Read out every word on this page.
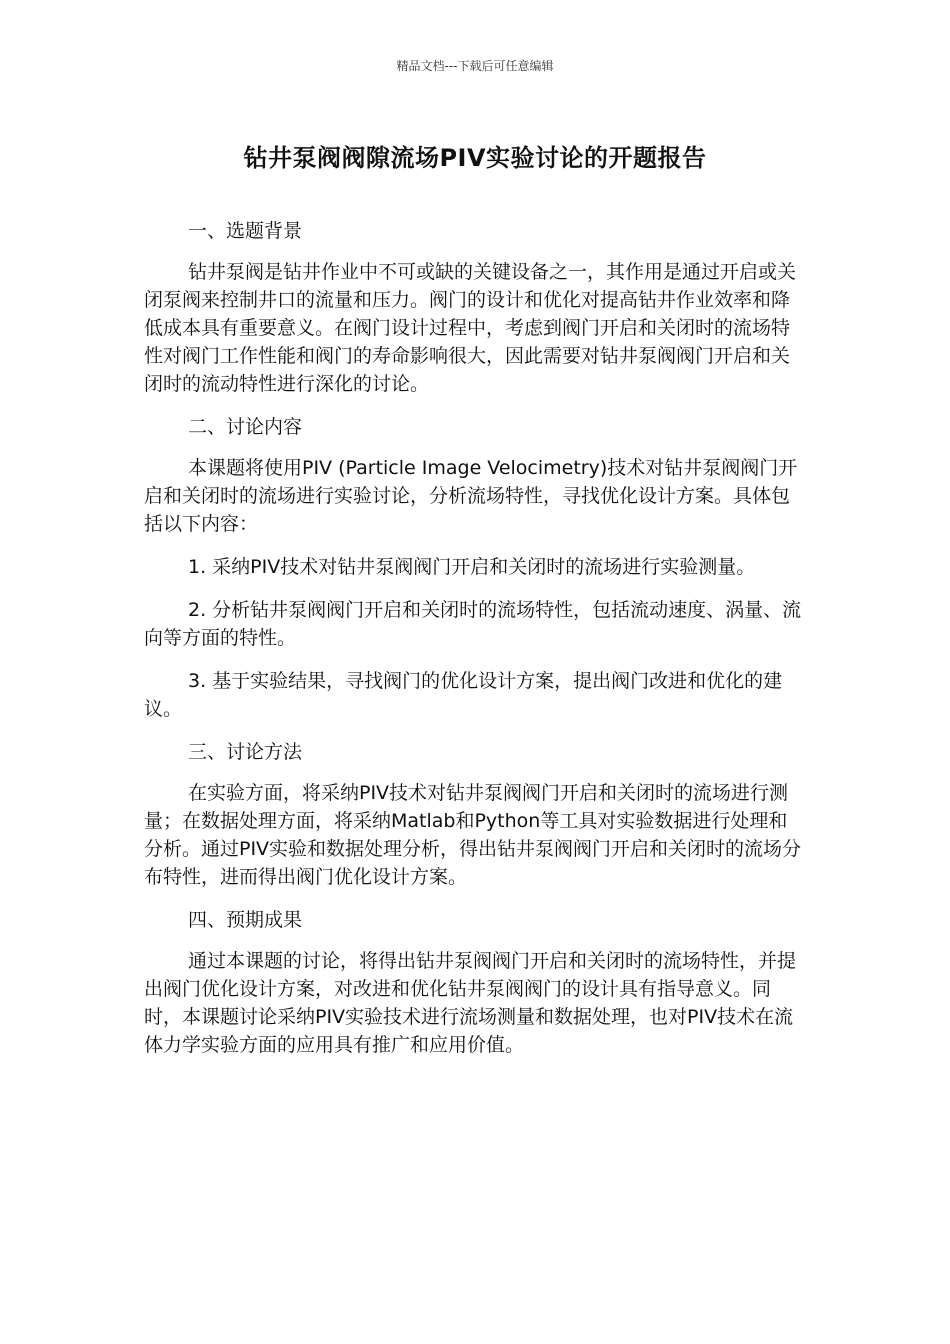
精品文档---下载后可任意编辑
钻井泵阀阀隙流场PIV实验讨论的开题报告
一、选题背景

钻井泵阀是钻井作业中不可或缺的关键设备之一，其作用是通过开启或关闭泵阀来控制井口的流量和压力。阀门的设计和优化对提高钻井作业效率和降低成本具有重要意义。在阀门设计过程中，考虑到阀门开启和关闭时的流场特性对阀门工作性能和阀门的寿命影响很大，因此需要对钻井泵阀阀门开启和关闭时的流动特性进行深化的讨论。

二、讨论内容

本课题将使用PIV (Particle Image Velocimetry)技术对钻井泵阀阀门开启和关闭时的流场进行实验讨论，分析流场特性，寻找优化设计方案。具体包括以下内容：

1. 采纳PIV技术对钻井泵阀阀门开启和关闭时的流场进行实验测量。

2. 分析钻井泵阀阀门开启和关闭时的流场特性，包括流动速度、涡量、流向等方面的特性。

3. 基于实验结果，寻找阀门的优化设计方案，提出阀门改进和优化的建议。

三、讨论方法

在实验方面，将采纳PIV技术对钻井泵阀阀门开启和关闭时的流场进行测量；在数据处理方面，将采纳Matlab和Python等工具对实验数据进行处理和分析。通过PIV实验和数据处理分析，得出钻井泵阀阀门开启和关闭时的流场分布特性，进而得出阀门优化设计方案。

四、预期成果

通过本课题的讨论，将得出钻井泵阀阀门开启和关闭时的流场特性，并提出阀门优化设计方案，对改进和优化钻井泵阀阀门的设计具有指导意义。同时，本课题讨论采纳PIV实验技术进行流场测量和数据处理，也对PIV技术在流体力学实验方面的应用具有推广和应用价值。
